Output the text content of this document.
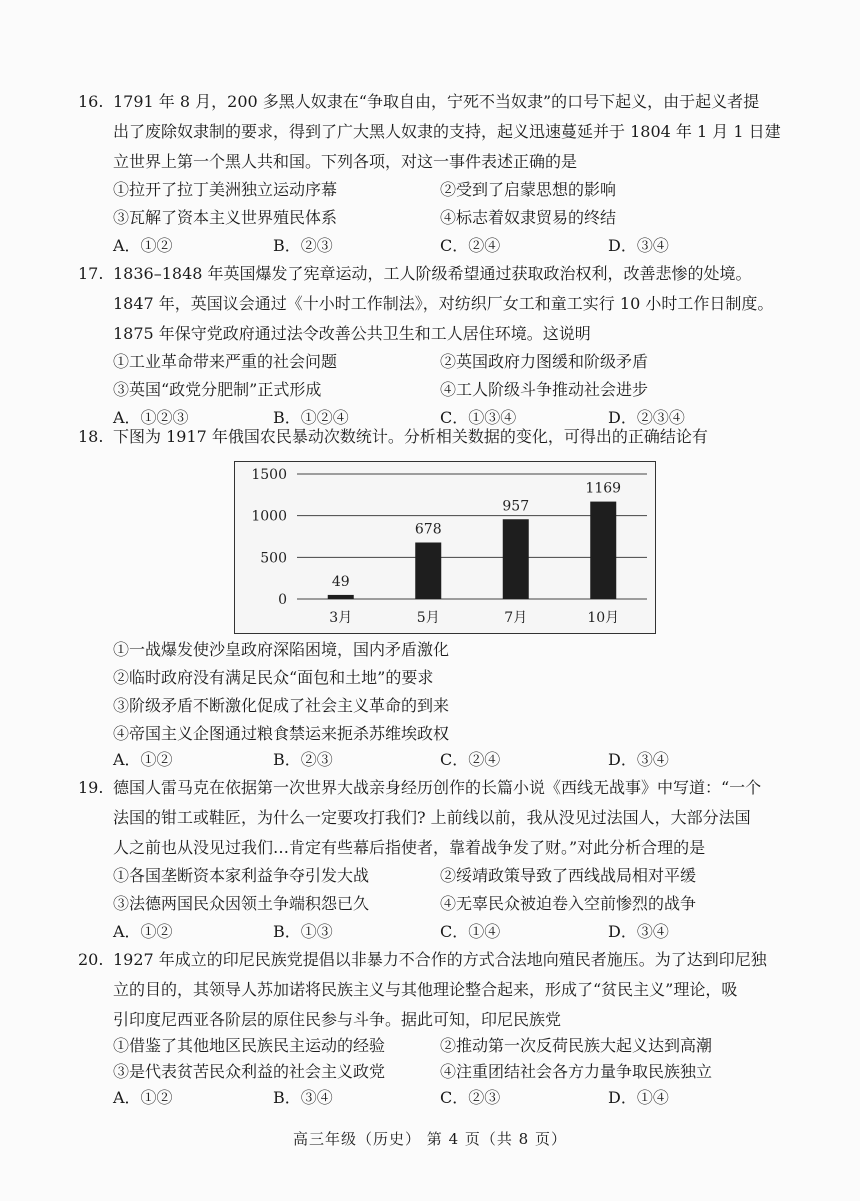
16. 1791 年 8 月，200 多黑人奴隶在“争取自由，宁死不当奴隶”的口号下起义，由于起义者提
出了废除奴隶制的要求，得到了广大黑人奴隶的支持，起义迅速蔓延并于 1804 年 1 月 1 日建
立世界上第一个黑人共和国。下列各项，对这一事件表述正确的是
①拉开了拉丁美洲独立运动序幕	②受到了启蒙思想的影响
③瓦解了资本主义世界殖民体系	④标志着奴隶贸易的终结
A．①②	B．②③	C．②④	D．③④
17. 1836–1848 年英国爆发了宪章运动，工人阶级希望通过获取政治权利，改善悲惨的处境。
1847 年，英国议会通过《十小时工作制法》，对纺织厂女工和童工实行 10 小时工作日制度。
1875 年保守党政府通过法令改善公共卫生和工人居住环境。这说明
①工业革命带来严重的社会问题	②英国政府力图缓和阶级矛盾
③英国“政党分肥制”正式形成	④工人阶级斗争推动社会进步
A．①②③	B．①②④	C．①③④	D．②③④
18. 下图为 1917 年俄国农民暴动次数统计。分析相关数据的变化，可得出的正确结论有
0
500
1000
1500
49
3月
678
5月
957
7月
1169
10月
①一战爆发使沙皇政府深陷困境，国内矛盾激化
②临时政府没有满足民众“面包和土地”的要求
③阶级矛盾不断激化促成了社会主义革命的到来
④帝国主义企图通过粮食禁运来扼杀苏维埃政权
A．①②	B．②③	C．②④	D．③④
19. 德国人雷马克在依据第一次世界大战亲身经历创作的长篇小说《西线无战事》中写道：“一个
法国的钳工或鞋匠，为什么一定要攻打我们? 上前线以前，我从没见过法国人，大部分法国
人之前也从没见过我们…肯定有些幕后指使者，靠着战争发了财。”对此分析合理的是
①各国垄断资本家利益争夺引发大战	②绥靖政策导致了西线战局相对平缓
③法德两国民众因领土争端积怨已久	④无辜民众被迫卷入空前惨烈的战争
A．①②	B．①③	C．①④	D．③④
20. 1927 年成立的印尼民族党提倡以非暴力不合作的方式合法地向殖民者施压。为了达到印尼独
立的目的，其领导人苏加诺将民族主义与其他理论整合起来，形成了“贫民主义”理论，吸
引印度尼西亚各阶层的原住民参与斗争。据此可知，印尼民族党
①借鉴了其他地区民族民主运动的经验	②推动第一次反荷民族大起义达到高潮
③是代表贫苦民众利益的社会主义政党	④注重团结社会各方力量争取民族独立
A．①②	B．③④	C．②③	D．①④
高三年级（历史） 第 4 页（共 8 页）
